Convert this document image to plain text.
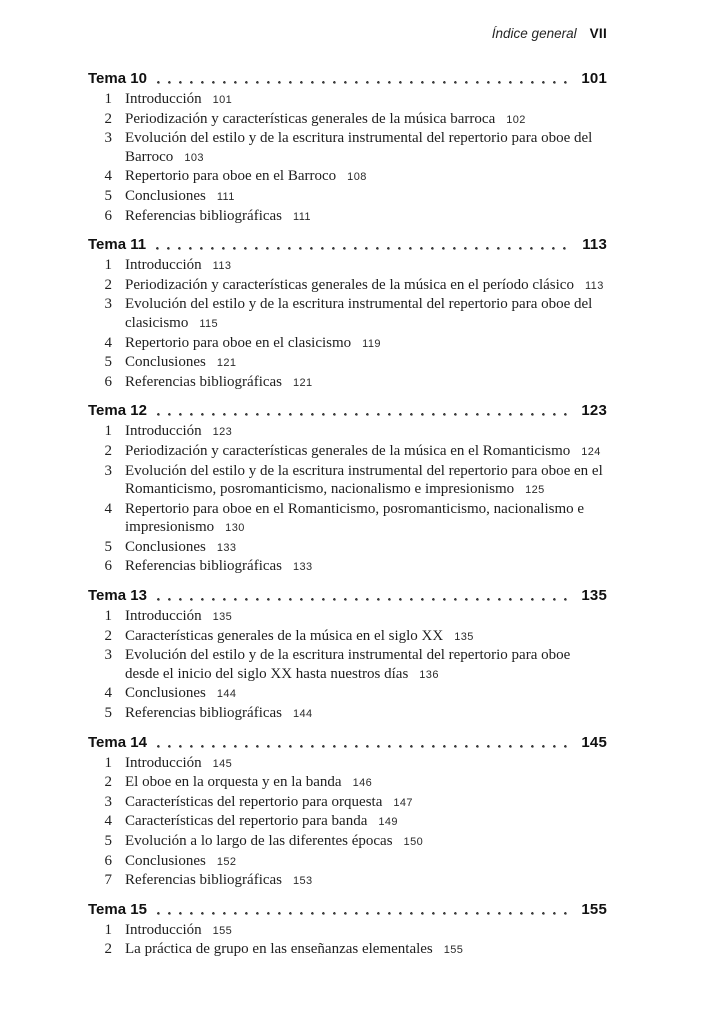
Índice general VII
Tema 10	101
1 Introducción 101
2 Periodización y características generales de la música barroca 102
3 Evolución del estilo y de la escritura instrumental del repertorio para oboe del Barroco 103
4 Repertorio para oboe en el Barroco 108
5 Conclusiones 111
6 Referencias bibliográficas 111
Tema 11	113
1 Introducción 113
2 Periodización y características generales de la música en el período clásico 113
3 Evolución del estilo y de la escritura instrumental del repertorio para oboe del clasicismo 115
4 Repertorio para oboe en el clasicismo 119
5 Conclusiones 121
6 Referencias bibliográficas 121
Tema 12	123
1 Introducción 123
2 Periodización y características generales de la música en el Romanticismo 124
3 Evolución del estilo y de la escritura instrumental del repertorio para oboe en el Romanticismo, posromanticismo, nacionalismo e impresionismo 125
4 Repertorio para oboe en el Romanticismo, posromanticismo, nacionalismo e impresionismo 130
5 Conclusiones 133
6 Referencias bibliográficas 133
Tema 13	135
1 Introducción 135
2 Características generales de la música en el siglo XX 135
3 Evolución del estilo y de la escritura instrumental del repertorio para oboe desde el inicio del siglo XX hasta nuestros días 136
4 Conclusiones 144
5 Referencias bibliográficas 144
Tema 14	145
1 Introducción 145
2 El oboe en la orquesta y en la banda 146
3 Características del repertorio para orquesta 147
4 Características del repertorio para banda 149
5 Evolución a lo largo de las diferentes épocas 150
6 Conclusiones 152
7 Referencias bibliográficas 153
Tema 15	155
1 Introducción 155
2 La práctica de grupo en las enseñanzas elementales 155
